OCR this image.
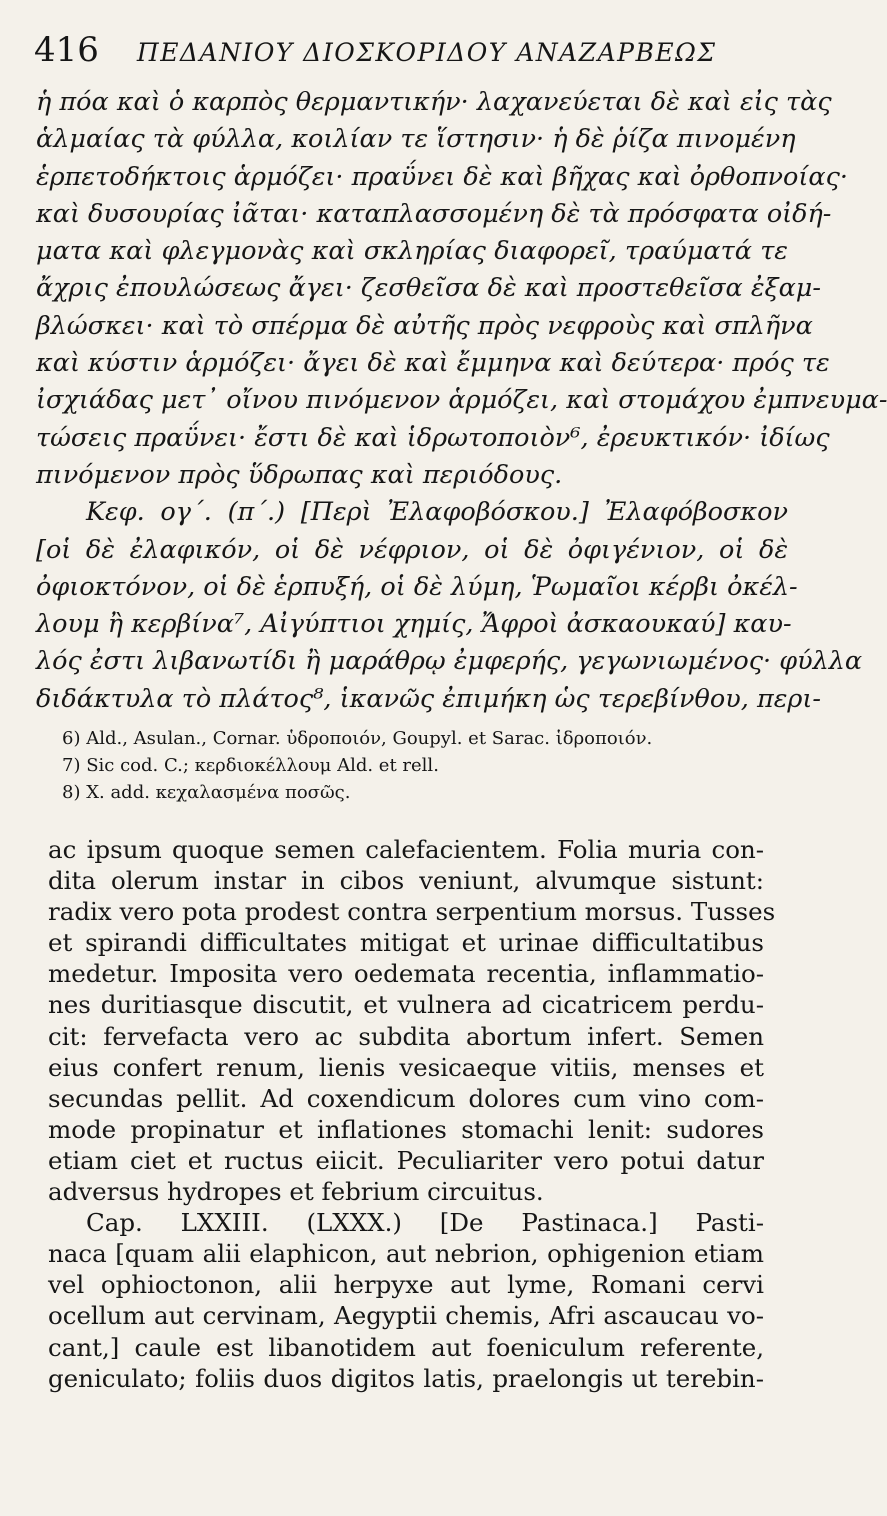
416 ΠΕΔΑΝΙΟΥ ΔΙΟΣΚΟΡΙΔΟΥ ΑΝΑΖΑΡΒΕΩΣ
ἡ πόα καὶ ὁ καρπὸς θερμαντικήν· λαχανεύεται δὲ καὶ εἰς τὰς
ἁλμαίας τὰ φύλλα, κοιλίαν τε ἵστησιν· ἡ δὲ ῥίζα πινομένη
ἑρπετοδήκτοις ἁρμόζει· πραΰνει δὲ καὶ βῆχας καὶ ὀρθοπνοίας·
καὶ δυσουρίας ἰᾶται· καταπλασσομένη δὲ τὰ πρόσφατα οἰδή-
ματα καὶ φλεγμονὰς καὶ σκληρίας διαφορεῖ, τραύματά τε
ἄχρις ἐπουλώσεως ἄγει· ζεσθεῖσα δὲ καὶ προστεθεῖσα ἐξαμ-
βλώσκει· καὶ τὸ σπέρμα δὲ αὐτῆς πρὸς νεφροὺς καὶ σπλῆνα
καὶ κύστιν ἁρμόζει· ἄγει δὲ καὶ ἔμμηνα καὶ δεύτερα· πρός τε
ἰσχιάδας μετ᾿ οἴνου πινόμενον ἁρμόζει, καὶ στομάχου ἐμπνευμα-
τώσεις πραΰνει· ἔστι δὲ καὶ ἱδρωτοποιὸν⁶, ἐρευκτικόν· ἰδίως
πινόμενον πρὸς ὕδρωπας καὶ περιόδους.
Κεφ. ογ΄. (π΄.) [Περὶ Ἐλαφοβόσκου.] Ἐλαφόβοσκον
[οἱ δὲ ἐλαφικόν, οἱ δὲ νέφριον, οἱ δὲ ὀφιγένιον, οἱ δὲ
ὀφιοκτόνον, οἱ δὲ ἑρπυξή, οἱ δὲ λύμη, Ῥωμαῖοι κέρβι ὀκέλ-
λουμ ἢ κερβίνα⁷, Αἰγύπτιοι χημίς, Ἄφροὶ ἀσκαουκαύ] καυ-
λός ἐστι λιβανωτίδι ἢ μαράθρῳ ἐμφερής, γεγωνιωμένος· φύλλα
διδάκτυλα τὸ πλάτος⁸, ἱκανῶς ἐπιμήκη ὡς τερεβίνθου, περι-
6) Ald., Asulan., Cornar. ὑδροποιόν, Goupyl. et Sarac. ἱδροποιόν.
7) Sic cod. C.; κερδιοκέλλουμ Ald. et rell.
8) X. add. κεχαλασμένα ποσῶς.
ac ipsum quoque semen calefacientem. Folia muria con-
dita olerum instar in cibos veniunt, alvumque sistunt:
radix vero pota prodest contra serpentium morsus. Tusses
et spirandi difficultates mitigat et urinae difficultatibus
medetur. Imposita vero oedemata recentia, inflammatio-
nes duritiasque discutit, et vulnera ad cicatricem perdu-
cit: fervefacta vero ac subdita abortum infert. Semen
eius confert renum, lienis vesicaeque vitiis, menses et
secundas pellit. Ad coxendicum dolores cum vino com-
mode propinatur et inflationes stomachi lenit: sudores
etiam ciet et ructus eiicit. Peculiariter vero potui datur
adversus hydropes et febrium circuitus.
Cap. LXXIII. (LXXX.) [De Pastinaca.] Pasti-
naca [quam alii elaphicon, aut nebrion, ophigenion etiam
vel ophioctonon, alii herpyxe aut lyme, Romani cervi
ocellum aut cervinam, Aegyptii chemis, Afri ascaucau vo-
cant,] caule est libanotidem aut foeniculum referente,
geniculato; foliis duos digitos latis, praelongis ut terebin-
